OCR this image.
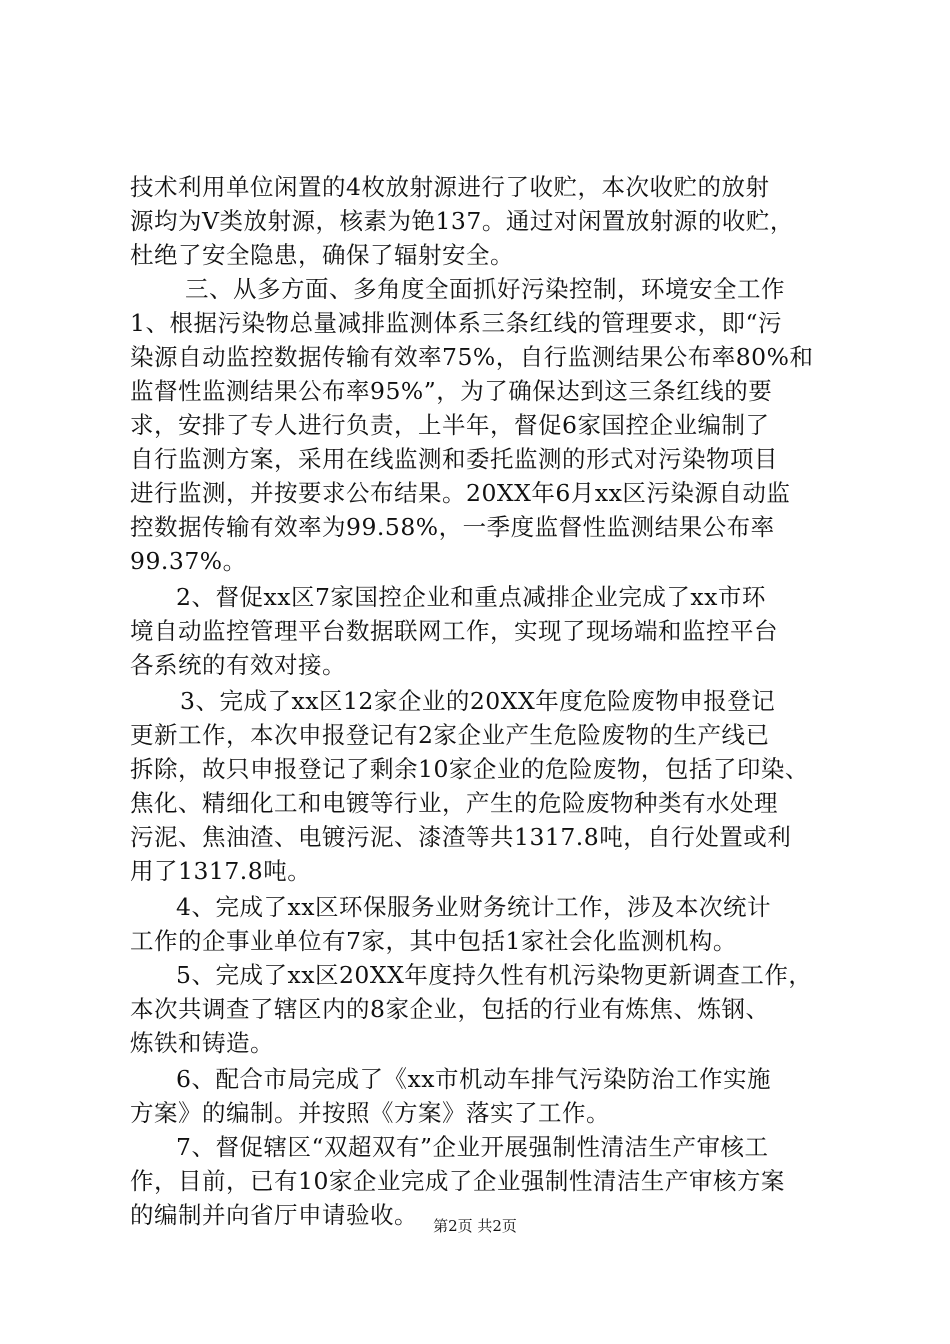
技术利用单位闲置的4枚放射源进行了收贮，本次收贮的放射
源均为Ⅴ类放射源，核素为铯137。通过对闲置放射源的收贮，
杜绝了安全隐患，确保了辐射安全。
三、从多方面、多角度全面抓好污染控制，环境安全工作
1、根据污染物总量减排监测体系三条红线的管理要求，即“污
染源自动监控数据传输有效率75%，自行监测结果公布率80%和
监督性监测结果公布率95%”，为了确保达到这三条红线的要
求，安排了专人进行负责，上半年，督促6家国控企业编制了
自行监测方案，采用在线监测和委托监测的形式对污染物项目
进行监测，并按要求公布结果。20XX年6月xx区污染源自动监
控数据传输有效率为99.58%，一季度监督性监测结果公布率
99.37%。
2、督促xx区7家国控企业和重点减排企业完成了xx市环
境自动监控管理平台数据联网工作，实现了现场端和监控平台
各系统的有效对接。
3、完成了xx区12家企业的20XX年度危险废物申报登记
更新工作，本次申报登记有2家企业产生危险废物的生产线已
拆除，故只申报登记了剩余10家企业的危险废物，包括了印染、
焦化、精细化工和电镀等行业，产生的危险废物种类有水处理
污泥、焦油渣、电镀污泥、漆渣等共1317.8吨，自行处置或利
用了1317.8吨。
4、完成了xx区环保服务业财务统计工作，涉及本次统计
工作的企事业单位有7家，其中包括1家社会化监测机构。
5、完成了xx区20XX年度持久性有机污染物更新调查工作，
本次共调查了辖区内的8家企业，包括的行业有炼焦、炼钢、
炼铁和铸造。
6、配合市局完成了《xx市机动车排气污染防治工作实施
方案》的编制。并按照《方案》落实了工作。
7、督促辖区“双超双有”企业开展强制性清洁生产审核工
作，目前，已有10家企业完成了企业强制性清洁生产审核方案
的编制并向省厅申请验收。	第2页 共2页
